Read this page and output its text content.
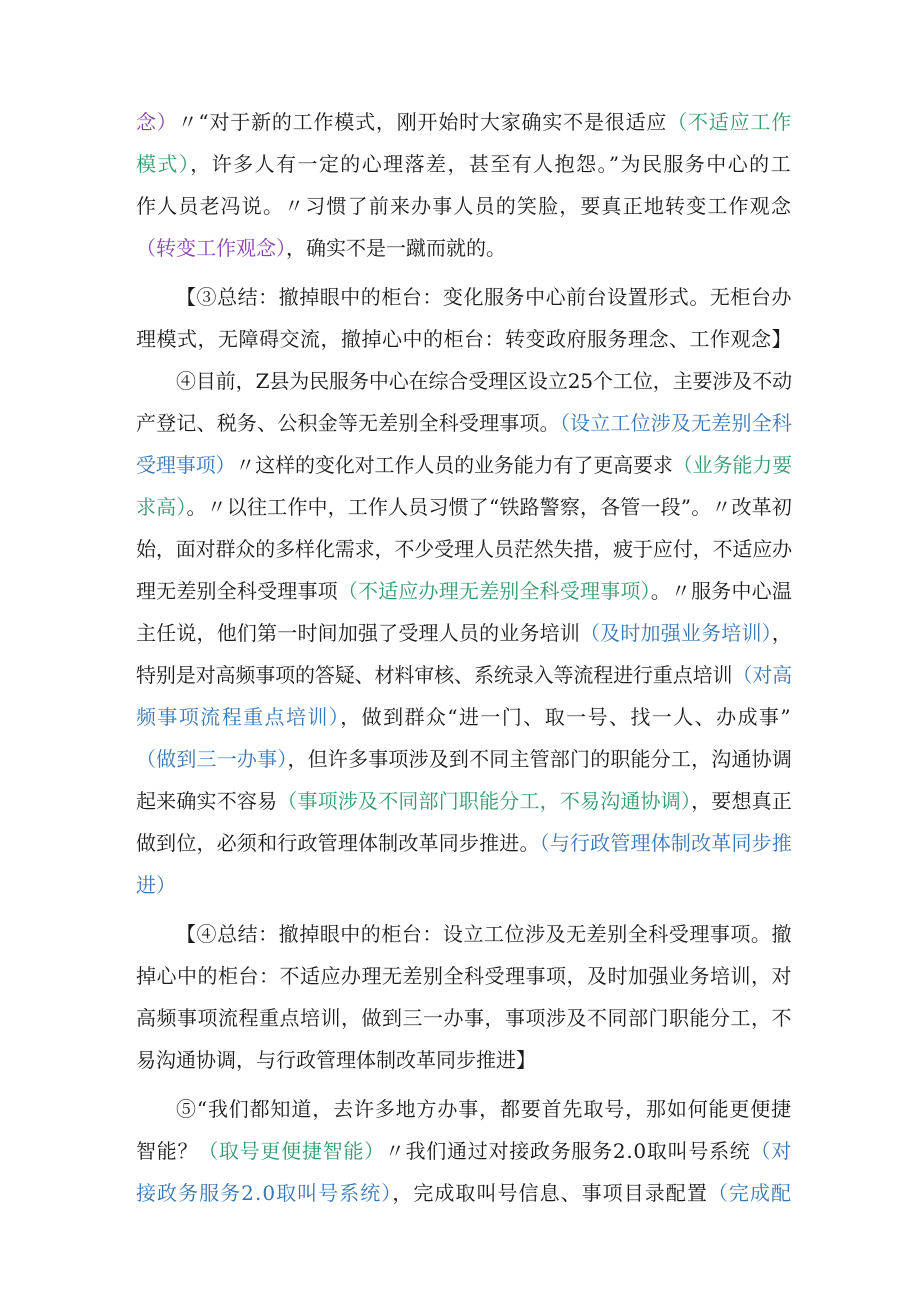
念）〃“对于新的工作模式，刚开始时大家确实不是很适应（不适应工作
模式），许多人有一定的心理落差，甚至有人抱怨。”为民服务中心的工
作人员老冯说。〃习惯了前来办事人员的笑脸，要真正地转变工作观念
（转变工作观念），确实不是一蹴而就的。
【③总结：撤掉眼中的柜台：变化服务中心前台设置形式。无柜台办
理模式，无障碍交流，撤掉心中的柜台：转变政府服务理念、工作观念】
④目前，Z县为民服务中心在综合受理区设立25个工位，主要涉及不动
产登记、税务、公积金等无差别全科受理事项。（设立工位涉及无差别全科
受理事项）〃这样的变化对工作人员的业务能力有了更高要求（业务能力要
求高）。〃以往工作中，工作人员习惯了“铁路警察，各管一段”。〃改革初
始，面对群众的多样化需求，不少受理人员茫然失措，疲于应付，不适应办
理无差别全科受理事项（不适应办理无差别全科受理事项）。〃服务中心温
主任说，他们第一时间加强了受理人员的业务培训（及时加强业务培训），
特别是对高频事项的答疑、材料审核、系统录入等流程进行重点培训（对高
频事项流程重点培训），做到群众“进一门、取一号、找一人、办成事”
（做到三一办事），但许多事项涉及到不同主管部门的职能分工，沟通协调
起来确实不容易（事项涉及不同部门职能分工，不易沟通协调），要想真正
做到位，必须和行政管理体制改革同步推进。（与行政管理体制改革同步推
进）
【④总结：撤掉眼中的柜台：设立工位涉及无差别全科受理事项。撤
掉心中的柜台：不适应办理无差别全科受理事项，及时加强业务培训，对
高频事项流程重点培训，做到三一办事，事项涉及不同部门职能分工，不
易沟通协调，与行政管理体制改革同步推进】
⑤“我们都知道，去许多地方办事，都要首先取号，那如何能更便捷
智能？（取号更便捷智能）〃我们通过对接政务服务2.0取叫号系统（对
接政务服务2.0取叫号系统），完成取叫号信息、事项目录配置（完成配
